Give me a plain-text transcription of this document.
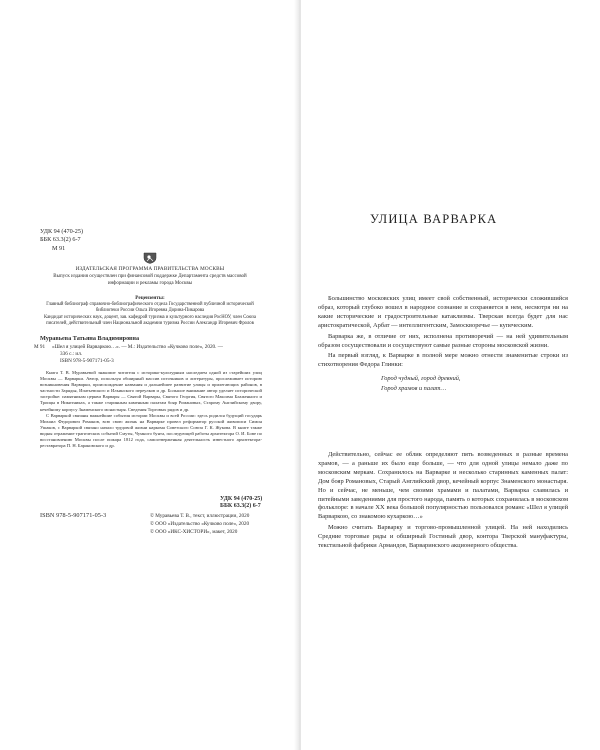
УДК 94 (470-25)
ББК 63.3(2) 6-7
М 91
ИЗДАТЕЛЬСКАЯ ПРОГРАММА ПРАВИТЕЛЬСТВА МОСКВЫ
Выпуск издания осуществлен при финансовой поддержке Департамента средств массовой информации и рекламы города Москвы
Рецензенты:
Главный библиограф справочно-библиографического отдела Государственной публичной исторической библиотеки России Ольга Игоревна Дорина-Пикарова
Кандидат исторических наук, доцент, зав. кафедрой туризма и культурного наследия РосНОУ, член Союза писателей, действительный член Национальной академии туризма России Александр Игоревич Фролов
Муравьева Татьяна Владимировна
М 91 «Шел я улицей Варваркою…». — М.: Издательство «Кучково поле», 2020. —
336 с.: ил.
ISBN 978-5-907171-05-3

Книга Т. В. Муравьевой знакомит читателя с историко-культурным наследием одной из старейших улиц Москвы — Варварки. Автор, используя обширный массив источников и литературы, прослеживает историю возникновения Варварки, происхождение названия и дальнейшее развитие улицы и прилегающих районов, в частности Зарядья, Ипатьевского и Ильинского переулков и др. Большое внимание автор уделяет исторической застройке: памятникам церкви Варвары — Святой Варвары, Святого Георгия, Святого Максима Блаженного и Троицы в Никитниках, а также старинным каменным палатам бояр Романовых, Старому Английскому двору, кечейному корпусу Знаменского монастыря. Сведения Торговых рядов и др.

С Варваркой связаны важнейшие события истории Москвы и всей России: здесь родился будущий государь Михаил Федорович Романов, всю свою жизнь на Варварке провел реформатор русской живописи Симон Ушаков, с Варваркой связано начало трудовой жизни наркома Советского Союза Г. К. Жукова. В книге также видны отражение трагических событий Смуты, Чумного бунта, последующей работы архитектора О. И. Бове по восстановлению Москвы после пожара 1812 года, самоотверженная деятельность известного архитектора-реставратора П. Н. Барановского и др.

УДК 94 (470-25)
ББК 63.3(2) 6-7
ISBN 978-5-907171-05-3	© Муравьева Т. В., текст, иллюстрации, 2020
© ООО «Издательство «Кучково поле», 2020
© ООО «ИКС-ХИСТОРИ», макет, 2020
УЛИЦА ВАРВАРКА

Большинство московских улиц имеет свой собственный, исторически сложившийся образ, который глубоко вошел в народное сознание и сохраняется в нем, несмотря ни на какие исторические и градостроительные катаклизмы. Тверская всегда будет для нас аристократической, Арбат — интеллигентским, Замоскворечье — купеческим.

Варварка же, в отличие от них, исполнена противоречий — на ней удивительным образом сосуществовали и сосуществуют самые разные стороны московской жизни.

На первый взгляд, к Варварке в полной мере можно отнести знаменитые строки из стихотворения Федора Глинки:

Город чудный, город древний,
Город храмов и палат…

Действительно, сейчас ее облик определяют пять возведенных в разные времена храмов, — а раньше их было еще больше, — что для одной улицы немало даже по московским меркам. Сохранилось на Варварке и несколько старинных каменных палат: Дом бояр Романовых, Старый Английский двор, кечейный корпус Знаменского монастыря. Но и сейчас, не меньше, чем своими храмами и палатами, Варварка славилась и питейными заведениями для простого народа, память о которых сохранилась в московском фольклоре: в начале XX века большой популярностью пользовался романс «Шел я улицей Варваркою, со знакомою кухаркою…»

Можно считать Варварку и торгово-промышленной улицей. На ней находились Средние торговые ряды и обширный Гостиный двор, контора Тверской мануфактуры, текстильной фабрики Армандов, Варваринского акционерного общества.
